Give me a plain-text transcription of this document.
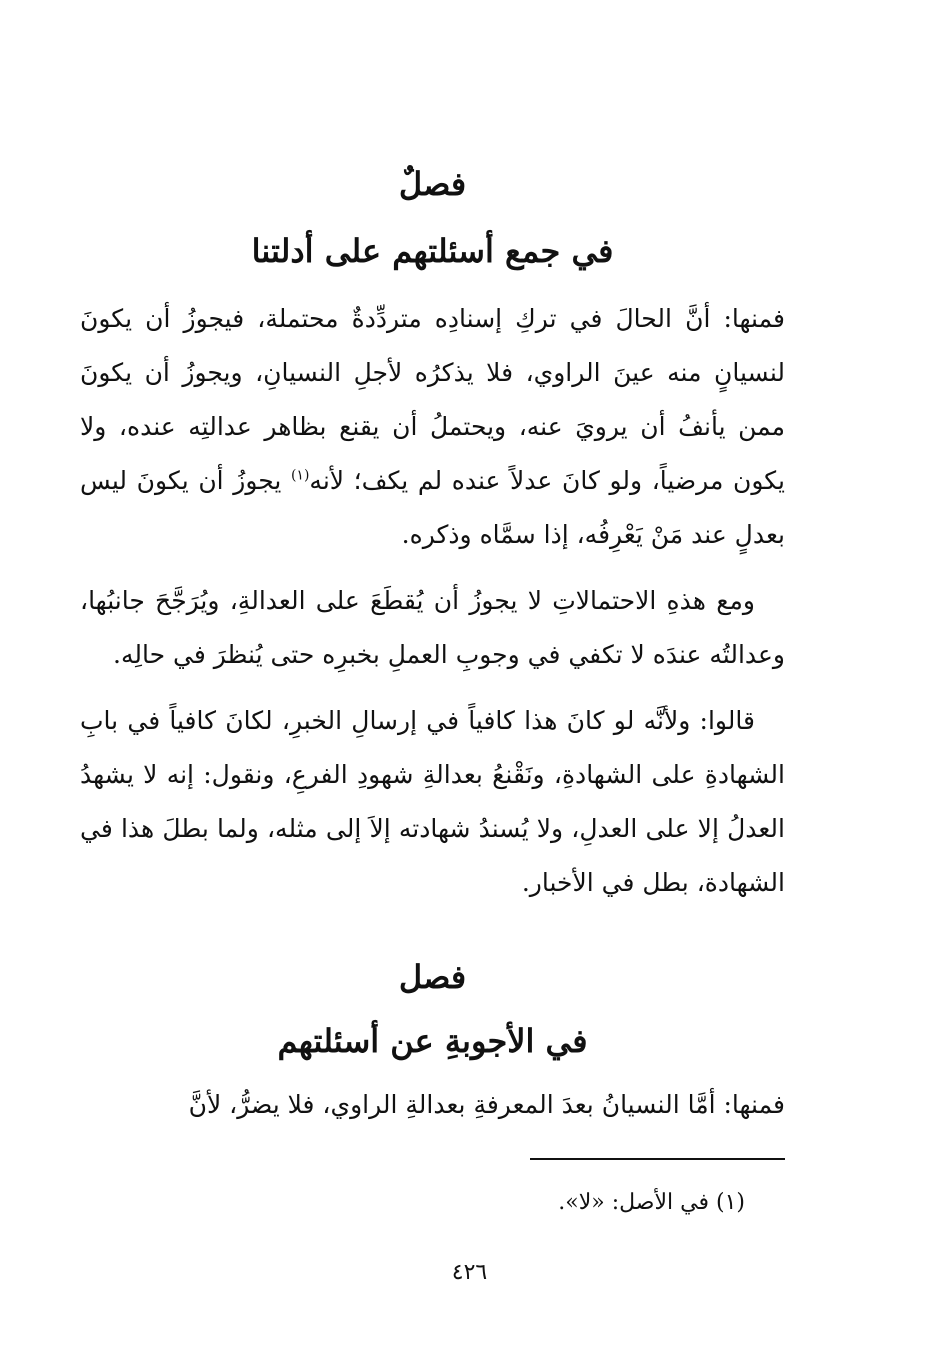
فصلٌ
في جمع أسئلتهم على أدلتنا

فمنها: أنَّ الحالَ في تركِ إسنادِه متردِّدةٌ محتملة، فيجوزُ أن يكونَ لنسيانٍ منه عينَ الراوي، فلا يذكرُه لأجلِ النسيانِ، ويجوزُ أن يكونَ ممن يأنفُ أن يرويَ عنه، ويحتملُ أن يقنع بظاهر عدالتِه عنده، ولا يكون مرضياً، ولو كانَ عدلاً عنده لم يكف؛ لأنه$^{(١)}$ يجوزُ أن يكونَ ليس بعدلٍ عند مَنْ يَعْرِفُه، إذا سمَّاه وذكره.

ومع هذهِ الاحتمالاتِ لا يجوزُ أن يُقطَعَ على العدالةِ، ويُرَجَّحَ جانبُها، وعدالتُه عندَه لا تكفي في وجوبِ العملِ بخبرِه حتى يُنظرَ في حالِه.

قالوا: ولأنَّه لو كانَ هذا كافياً في إرسالِ الخبرِ، لكانَ كافياً في بابِ الشهادةِ على الشهادةِ، ونَقْنعُ بعدالةِ شهودِ الفرعِ، ونقول: إنه لا يشهدُ العدلُ إلا على العدلِ، ولا يُسندُ شهادته إلاَ إلى مثله، ولما بطلَ هذا في الشهادة، بطل في الأخبار.

فصل
في الأجوبةِ عن أسئلتهم

فمنها: أمَّا النسيانُ بعدَ المعرفةِ بعدالةِ الراوي، فلا يضرُّ، لأنَّ

(١) في الأصل: «لا».
٤٢٦
